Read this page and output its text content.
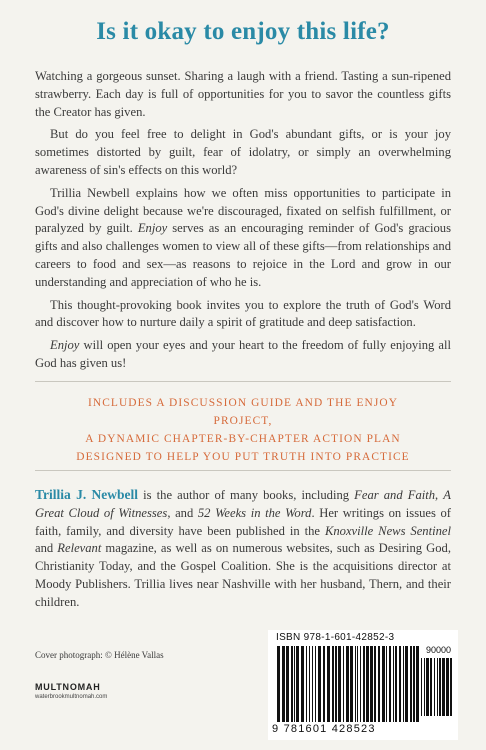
Is it okay to enjoy this life?

Watching a gorgeous sunset. Sharing a laugh with a friend. Tasting a sun-ripened strawberry. Each day is full of opportunities for you to savor the countless gifts the Creator has given.

But do you feel free to delight in God's abundant gifts, or is your joy sometimes distorted by guilt, fear of idolatry, or simply an overwhelming awareness of sin's effects on this world?

Trillia Newbell explains how we often miss opportunities to participate in God's divine delight because we're discouraged, fixated on selfish fulfillment, or paralyzed by guilt. Enjoy serves as an encouraging reminder of God's gracious gifts and also challenges women to view all of these gifts—from relationships and careers to food and sex—as reasons to rejoice in the Lord and grow in our understanding and appreciation of who he is.

This thought-provoking book invites you to explore the truth of God's Word and discover how to nurture daily a spirit of gratitude and deep satisfaction.

Enjoy will open your eyes and your heart to the freedom of fully enjoying all God has given us!

INCLUDES A DISCUSSION GUIDE AND THE ENJOY PROJECT,
A DYNAMIC CHAPTER-BY-CHAPTER ACTION PLAN
DESIGNED TO HELP YOU PUT TRUTH INTO PRACTICE
Trillia J. Newbell is the author of many books, including Fear and Faith, A Great Cloud of Witnesses, and 52 Weeks in the Word. Her writings on issues of faith, family, and diversity have been published in the Knoxville News Sentinel and Relevant magazine, as well as on numerous websites, such as Desiring God, Christianity Today, and the Gospel Coalition. She is the acquisitions director at Moody Publishers. Trillia lives near Nashville with her husband, Thern, and their children.
Cover photograph: © Hélène Vallas
MULTNOMAH
waterbrookmultnomah.com
ISBN 978-1-601-42852-3
90000
9 781601 428523
